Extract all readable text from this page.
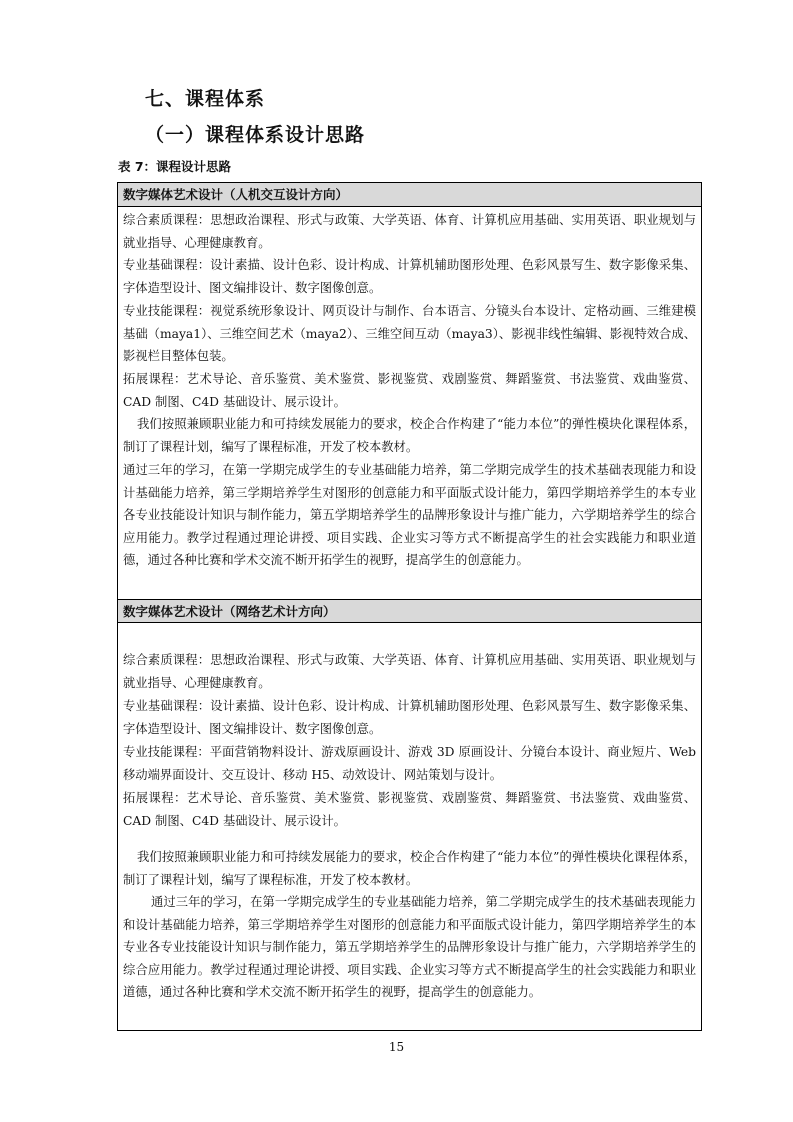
七、课程体系
（一）课程体系设计思路
表 7：课程设计思路
数字媒体艺术设计（人机交互设计方向）

综合素质课程：思想政治课程、形式与政策、大学英语、体育、计算机应用基础、实用英语、职业规划与就业指导、心理健康教育。

专业基础课程：设计素描、设计色彩、设计构成、计算机辅助图形处理、色彩风景写生、数字影像采集、字体造型设计、图文编排设计、数字图像创意。

专业技能课程：视觉系统形象设计、网页设计与制作、台本语言、分镜头台本设计、定格动画、三维建模基础（maya1）、三维空间艺术（maya2）、三维空间互动（maya3）、影视非线性编辑、影视特效合成、影视栏目整体包装。

拓展课程：艺术导论、音乐鉴赏、美术鉴赏、影视鉴赏、戏剧鉴赏、舞蹈鉴赏、书法鉴赏、戏曲鉴赏、CAD 制图、C4D 基础设计、展示设计。

我们按照兼顾职业能力和可持续发展能力的要求，校企合作构建了“能力本位”的弹性模块化课程体系，制订了课程计划，编写了课程标准，开发了校本教材。

通过三年的学习，在第一学期完成学生的专业基础能力培养，第二学期完成学生的技术基础表现能力和设计基础能力培养，第三学期培养学生对图形的创意能力和平面版式设计能力，第四学期培养学生的本专业各专业技能设计知识与制作能力，第五学期培养学生的品牌形象设计与推广能力，六学期培养学生的综合应用能力。教学过程通过理论讲授、项目实践、企业实习等方式不断提高学生的社会实践能力和职业道德，通过各种比赛和学术交流不断开拓学生的视野，提高学生的创意能力。

数字媒体艺术设计（网络艺术计方向）

综合素质课程：思想政治课程、形式与政策、大学英语、体育、计算机应用基础、实用英语、职业规划与就业指导、心理健康教育。

专业基础课程：设计素描、设计色彩、设计构成、计算机辅助图形处理、色彩风景写生、数字影像采集、字体造型设计、图文编排设计、数字图像创意。

专业技能课程：平面营销物料设计、游戏原画设计、游戏 3D 原画设计、分镜台本设计、商业短片、Web 移动端界面设计、交互设计、移动 H5、动效设计、网站策划与设计。

拓展课程：艺术导论、音乐鉴赏、美术鉴赏、影视鉴赏、戏剧鉴赏、舞蹈鉴赏、书法鉴赏、戏曲鉴赏、CAD 制图、C4D 基础设计、展示设计。

我们按照兼顾职业能力和可持续发展能力的要求，校企合作构建了“能力本位”的弹性模块化课程体系，制订了课程计划，编写了课程标准，开发了校本教材。

通过三年的学习，在第一学期完成学生的专业基础能力培养，第二学期完成学生的技术基础表现能力和设计基础能力培养，第三学期培养学生对图形的创意能力和平面版式设计能力，第四学期培养学生的本专业各专业技能设计知识与制作能力，第五学期培养学生的品牌形象设计与推广能力，六学期培养学生的综合应用能力。教学过程通过理论讲授、项目实践、企业实习等方式不断提高学生的社会实践能力和职业道德，通过各种比赛和学术交流不断开拓学生的视野，提高学生的创意能力。

15
